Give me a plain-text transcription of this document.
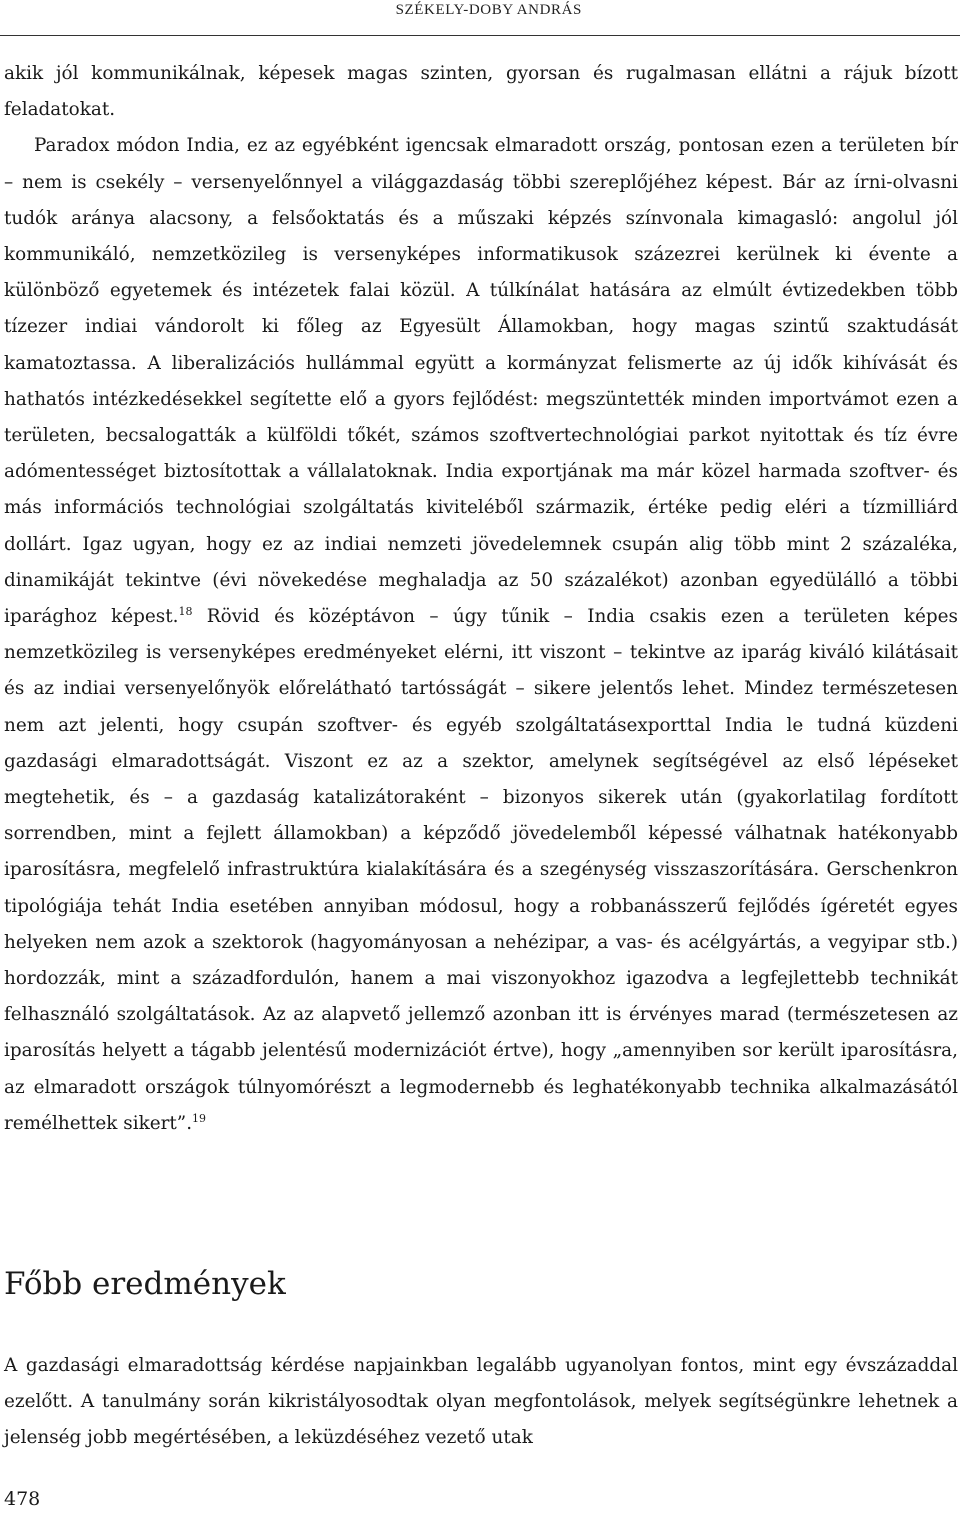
SZÉKELY-DOBY ANDRÁS

akik jól kommunikálnak, képesek magas szinten, gyorsan és rugalmasan ellátni a rájuk bízott feladatokat.

Paradox módon India, ez az egyébként igencsak elmaradott ország, pontosan ezen a területen bír – nem is csekély – versenyelőnnyel a világgazdaság többi szereplőjéhez képest. Bár az írni-olvasni tudók aránya alacsony, a felsőoktatás és a műszaki képzés színvonala kimagasló: angolul jól kommunikáló, nemzetközileg is versenyképes informatikusok százezrei kerülnek ki évente a különböző egyetemek és intézetek falai közül. A túlkínálat hatására az elmúlt évtizedekben több tízezer indiai vándorolt ki főleg az Egyesült Államokban, hogy magas szintű szaktudását kamatoztassa. A liberalizációs hullámmal együtt a kormányzat felismerte az új idők kihívását és hathatós intézkedésekkel segítette elő a gyors fejlődést: megszüntették minden importvámot ezen a területen, becsalogatták a külföldi tőkét, számos szoftvertechnológiai parkot nyitottak és tíz évre adómentességet biztosítottak a vállalatoknak. India exportjának ma már közel harmada szoftver- és más információs technológiai szolgáltatás kiviteléből származik, értéke pedig eléri a tízmilliárd dollárt. Igaz ugyan, hogy ez az indiai nemzeti jövedelemnek csupán alig több mint 2 százaléka, dinamikáját tekintve (évi növekedése meghaladja az 50 százalékot) azonban egyedülálló a többi iparághoz képest.$^{18}$ Rövid és középtávon – úgy tűnik – India csakis ezen a területen képes nemzetközileg is versenyképes eredményeket elérni, itt viszont – tekintve az iparág kiváló kilátásait és az indiai versenyelőnyök előrelátható tartósságát – sikere jelentős lehet. Mindez természetesen nem azt jelenti, hogy csupán szoftver- és egyéb szolgáltatásexporttal India le tudná küzdeni gazdasági elmaradottságát. Viszont ez az a szektor, amelynek segítségével az első lépéseket megtehetik, és – a gazdaság katalizátoraként – bizonyos sikerek után (gyakorlatilag fordított sorrendben, mint a fejlett államokban) a képződő jövedelemből képessé válhatnak hatékonyabb iparosításra, megfelelő infrastruktúra kialakítására és a szegénység visszaszorítására. Gerschenkron tipológiája tehát India esetében annyiban módosul, hogy a robbanásszerű fejlődés ígéretét egyes helyeken nem azok a szektorok (hagyományosan a nehézipar, a vas- és acélgyártás, a vegyipar stb.) hordozzák, mint a századfordulón, hanem a mai viszonyokhoz igazodva a legfejlettebb technikát felhasználó szolgáltatások. Az az alapvető jellemző azonban itt is érvényes marad (természetesen az iparosítás helyett a tágabb jelentésű modernizációt értve), hogy „amennyiben sor került iparosításra, az elmaradott országok túlnyomórészt a legmodernebb és leghatékonyabb technika alkalmazásától remélhettek sikert”.$^{19}$

Főbb eredmények

A gazdasági elmaradottság kérdése napjainkban legalább ugyanolyan fontos, mint egy évszázaddal ezelőtt. A tanulmány során kikristályosodtak olyan megfontolások, melyek segítségünkre lehetnek a jelenség jobb megértésében, a leküzdéséhez vezető utak

478
